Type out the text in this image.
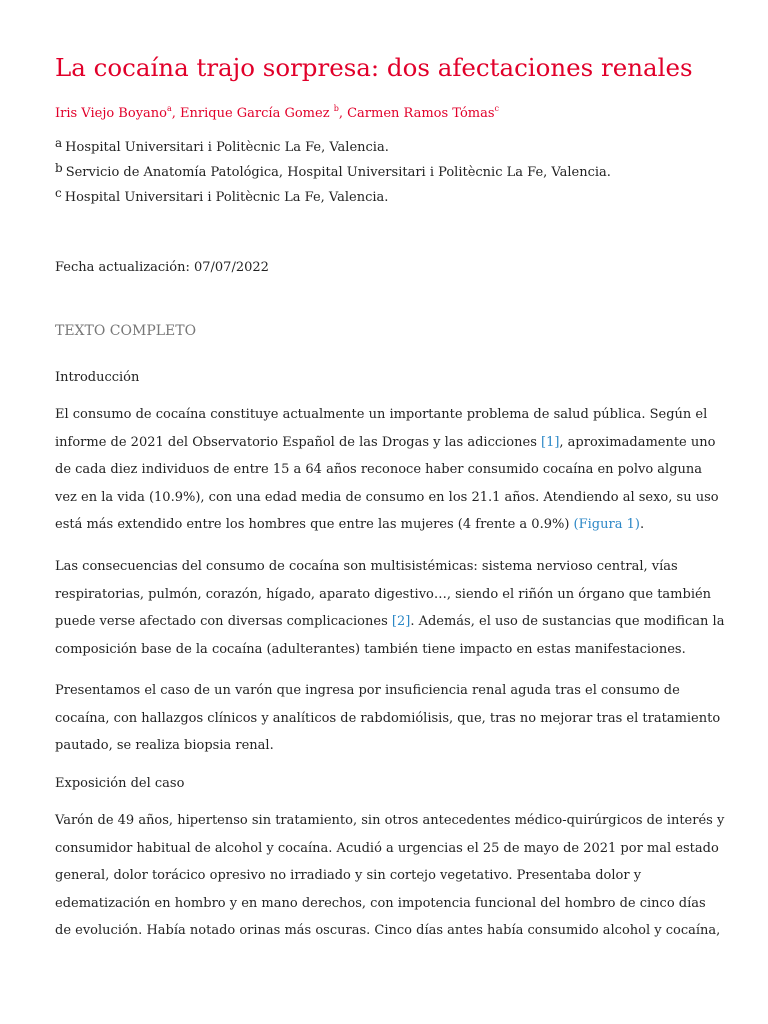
La cocaína trajo sorpresa: dos afectaciones renales
Iris Viejo Boyano$^a$, Enrique García Gomez $^b$, Carmen Ramos Tómas$^c$
$^a$ Hospital Universitari i Politècnic La Fe, Valencia.
$^b$ Servicio de Anatomía Patológica, Hospital Universitari i Politècnic La Fe, Valencia.
$^c$ Hospital Universitari i Politècnic La Fe, Valencia.
Fecha actualización: 07/07/2022
TEXTO COMPLETO
Introducción

El consumo de cocaína constituye actualmente un importante problema de salud pública. Según el informe de 2021 del Observatorio Español de las Drogas y las adicciones [1], aproximadamente uno de cada diez individuos de entre 15 a 64 años reconoce haber consumido cocaína en polvo alguna vez en la vida (10.9%), con una edad media de consumo en los 21.1 años. Atendiendo al sexo, su uso está más extendido entre los hombres que entre las mujeres (4 frente a 0.9%) (Figura 1).

Las consecuencias del consumo de cocaína son multisistémicas: sistema nervioso central, vías respiratorias, pulmón, corazón, hígado, aparato digestivo…, siendo el riñón un órgano que también puede verse afectado con diversas complicaciones [2]. Además, el uso de sustancias que modifican la composición base de la cocaína (adulterantes) también tiene impacto en estas manifestaciones.

Presentamos el caso de un varón que ingresa por insuficiencia renal aguda tras el consumo de cocaína, con hallazgos clínicos y analíticos de rabdomiólisis, que, tras no mejorar tras el tratamiento pautado, se realiza biopsia renal.

Exposición del caso

Varón de 49 años, hipertenso sin tratamiento, sin otros antecedentes médico-quirúrgicos de interés y consumidor habitual de alcohol y cocaína. Acudió a urgencias el 25 de mayo de 2021 por mal estado general, dolor torácico opresivo no irradiado y sin cortejo vegetativo. Presentaba dolor y edematización en hombro y en mano derechos, con impotencia funcional del hombro de cinco días de evolución. Había notado orinas más oscuras. Cinco días antes había consumido alcohol y cocaína,
